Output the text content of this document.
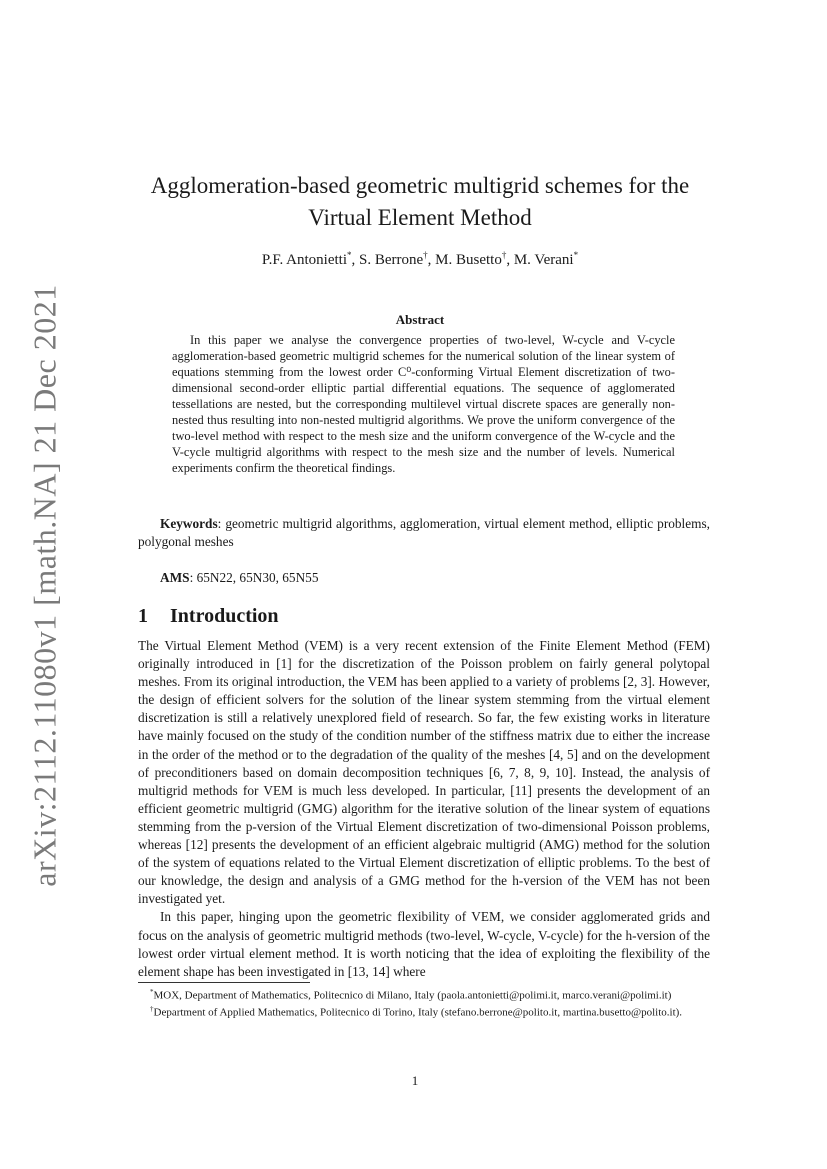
arXiv:2112.11080v1 [math.NA] 21 Dec 2021
Agglomeration-based geometric multigrid schemes for the
Virtual Element Method
P.F. Antonietti*, S. Berrone†, M. Busetto†, M. Verani*
Abstract

In this paper we analyse the convergence properties of two-level, W-cycle and V-cycle agglomeration-based geometric multigrid schemes for the numerical solution of the linear system of equations stemming from the lowest order C⁰-conforming Virtual Element discretization of two-dimensional second-order elliptic partial differential equations. The sequence of agglomerated tessellations are nested, but the corresponding multilevel virtual discrete spaces are generally non-nested thus resulting into non-nested multigrid algorithms. We prove the uniform convergence of the two-level method with respect to the mesh size and the uniform convergence of the W-cycle and the V-cycle multigrid algorithms with respect to the mesh size and the number of levels. Numerical experiments confirm the theoretical findings.

Keywords: geometric multigrid algorithms, agglomeration, virtual element method, elliptic problems, polygonal meshes

AMS: 65N22, 65N30, 65N55

1 Introduction

The Virtual Element Method (VEM) is a very recent extension of the Finite Element Method (FEM) originally introduced in [1] for the discretization of the Poisson problem on fairly general polytopal meshes. From its original introduction, the VEM has been applied to a variety of problems [2, 3]. However, the design of efficient solvers for the solution of the linear system stemming from the virtual element discretization is still a relatively unexplored field of research. So far, the few existing works in literature have mainly focused on the study of the condition number of the stiffness matrix due to either the increase in the order of the method or to the degradation of the quality of the meshes [4, 5] and on the development of preconditioners based on domain decomposition techniques [6, 7, 8, 9, 10]. Instead, the analysis of multigrid methods for VEM is much less developed. In particular, [11] presents the development of an efficient geometric multigrid (GMG) algorithm for the iterative solution of the linear system of equations stemming from the p-version of the Virtual Element discretization of two-dimensional Poisson problems, whereas [12] presents the development of an efficient algebraic multigrid (AMG) method for the solution of the system of equations related to the Virtual Element discretization of elliptic problems. To the best of our knowledge, the design and analysis of a GMG method for the h-version of the VEM has not been investigated yet.

In this paper, hinging upon the geometric flexibility of VEM, we consider agglomerated grids and focus on the analysis of geometric multigrid methods (two-level, W-cycle, V-cycle) for the h-version of the lowest order virtual element method. It is worth noticing that the idea of exploiting the flexibility of the element shape has been investigated in [13, 14] where

*MOX, Department of Mathematics, Politecnico di Milano, Italy (paola.antonietti@polimi.it, marco.verani@polimi.it)

†Department of Applied Mathematics, Politecnico di Torino, Italy (stefano.berrone@polito.it, martina.busetto@polito.it).

1
